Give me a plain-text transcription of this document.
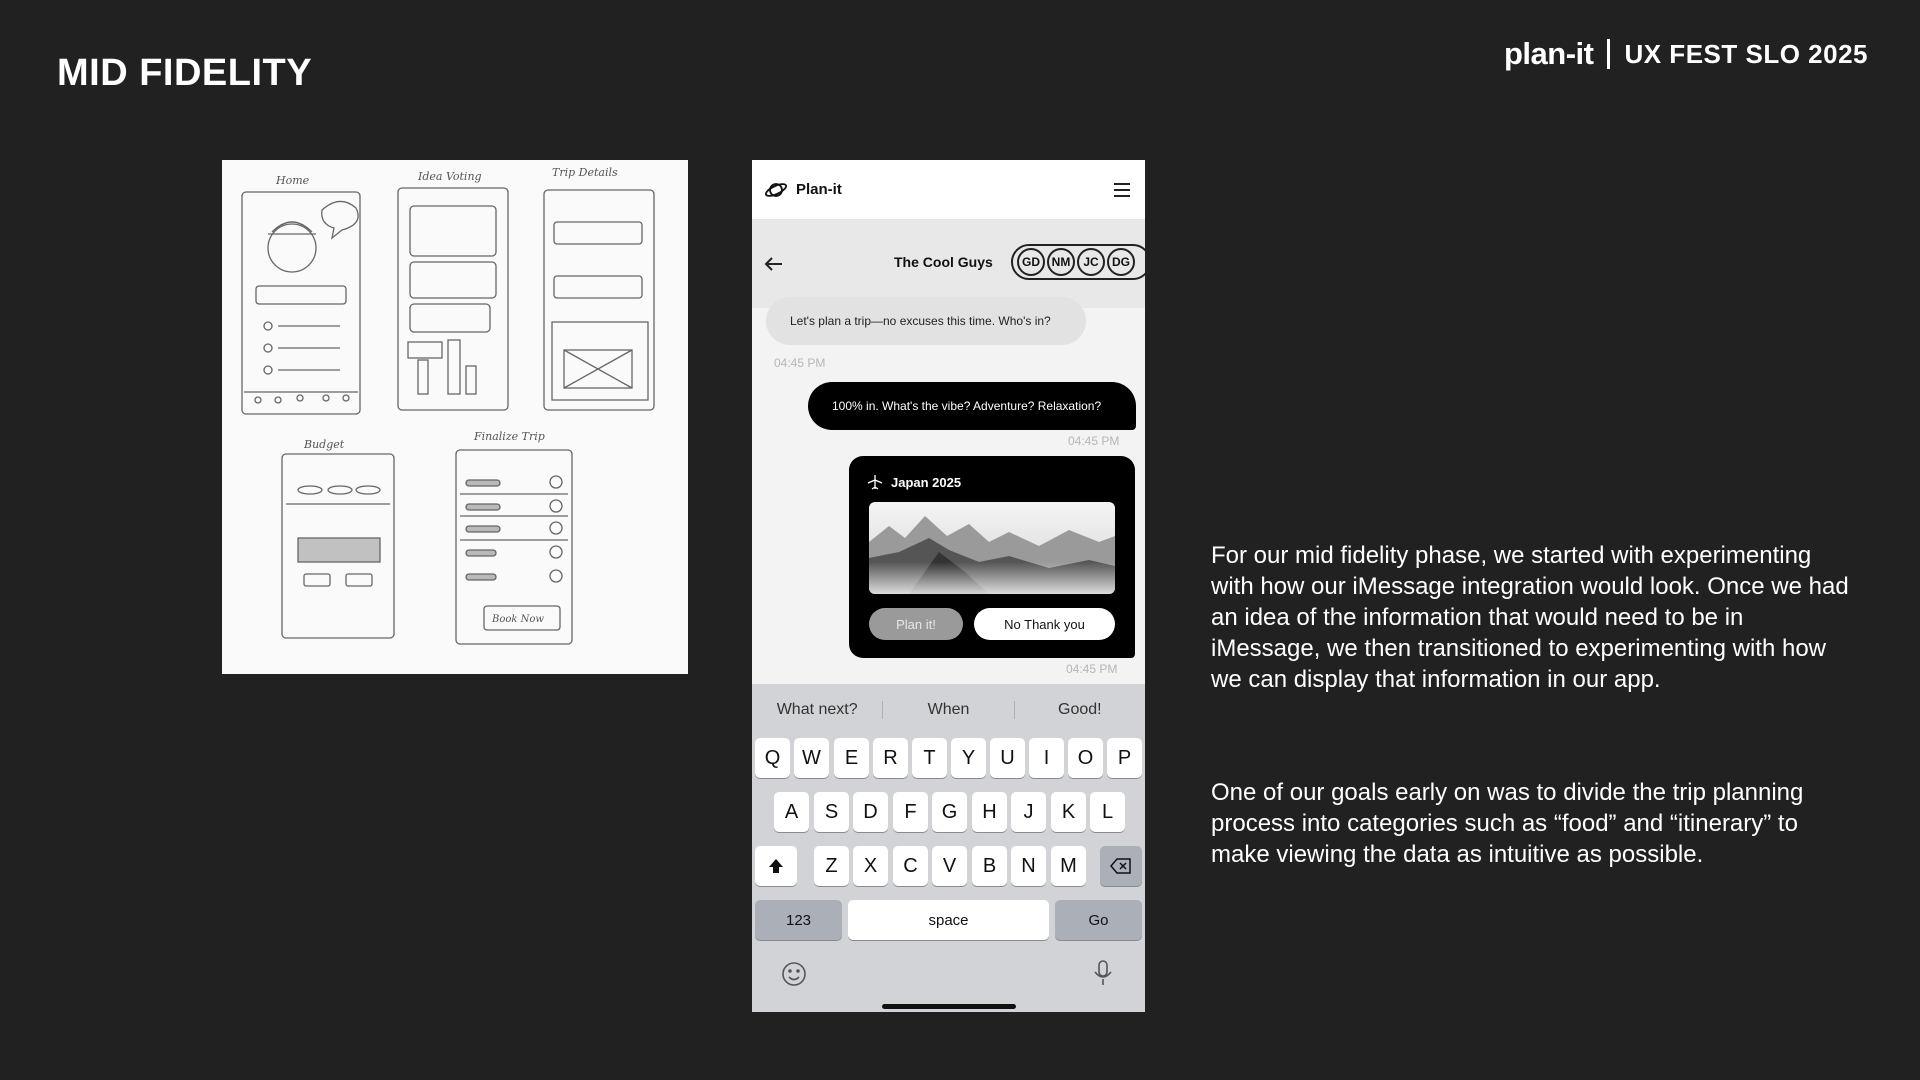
MID FIDELITY	plan-it UX FEST SLO 2025
Home	Idea Voting	Trip Details
Budget
Finalize Trip
Book Now
Plan-it
The Cool Guys	GD NM	JC	DG
Let's plan a trip—no excuses this time. Who's in?
04:45 PM
100% in. What's the vibe? Adventure? Relaxation?
04:45 PM
Japan 2025
Plan it!	No Thank you
04:45 PM
What next?	When	Good!
Q	W	E	R	T	Y	U	I	O	P
A	S	D	F	G	H	J	K	L
Z	X	C	V	B	N	M
123	space	Go

For our mid fidelity phase, we started with experimenting with how our iMessage integration would look. Once we had an idea of the information that would need to be in iMessage, we then transitioned to experimenting with how we can display that information in our app.

One of our goals early on was to divide the trip planning process into categories such as “food” and “itinerary” to make viewing the data as intuitive as possible.
